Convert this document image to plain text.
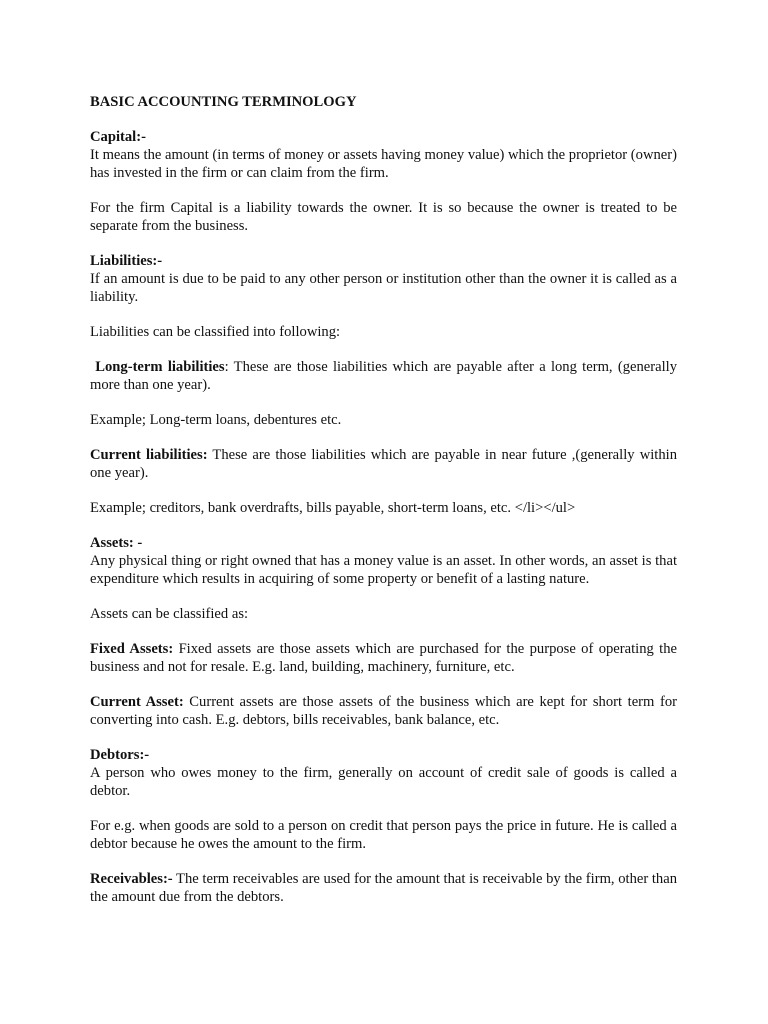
BASIC ACCOUNTING TERMINOLOGY
Capital:-

It means the amount (in terms of money or assets having money value) which the proprietor (owner) has invested in the firm or can claim from the firm.

For the firm Capital is a liability towards the owner. It is so because the owner is treated to be separate from the business.

Liabilities:-

If an amount is due to be paid to any other person or institution other than the owner it is called as a liability.

Liabilities can be classified into following:

Long-term liabilities: These are those liabilities which are payable after a long term, (generally more than one year).

Example; Long-term loans, debentures etc.

Current liabilities: These are those liabilities which are payable in near future ,(generally within one year).

Example; creditors, bank overdrafts, bills payable, short-term loans, etc. </li></ul>

Assets: -

Any physical thing or right owned that has a money value is an asset. In other words, an asset is that expenditure which results in acquiring of some property or benefit of a lasting nature.

Assets can be classified as:

Fixed Assets: Fixed assets are those assets which are purchased for the purpose of operating the business and not for resale. E.g. land, building, machinery, furniture, etc.

Current Asset: Current assets are those assets of the business which are kept for short term for converting into cash. E.g. debtors, bills receivables, bank balance, etc.

Debtors:-

A person who owes money to the firm, generally on account of credit sale of goods is called a debtor.

For e.g. when goods are sold to a person on credit that person pays the price in future. He is called a debtor because he owes the amount to the firm.

Receivables:- The term receivables are used for the amount that is receivable by the firm, other than the amount due from the debtors.
